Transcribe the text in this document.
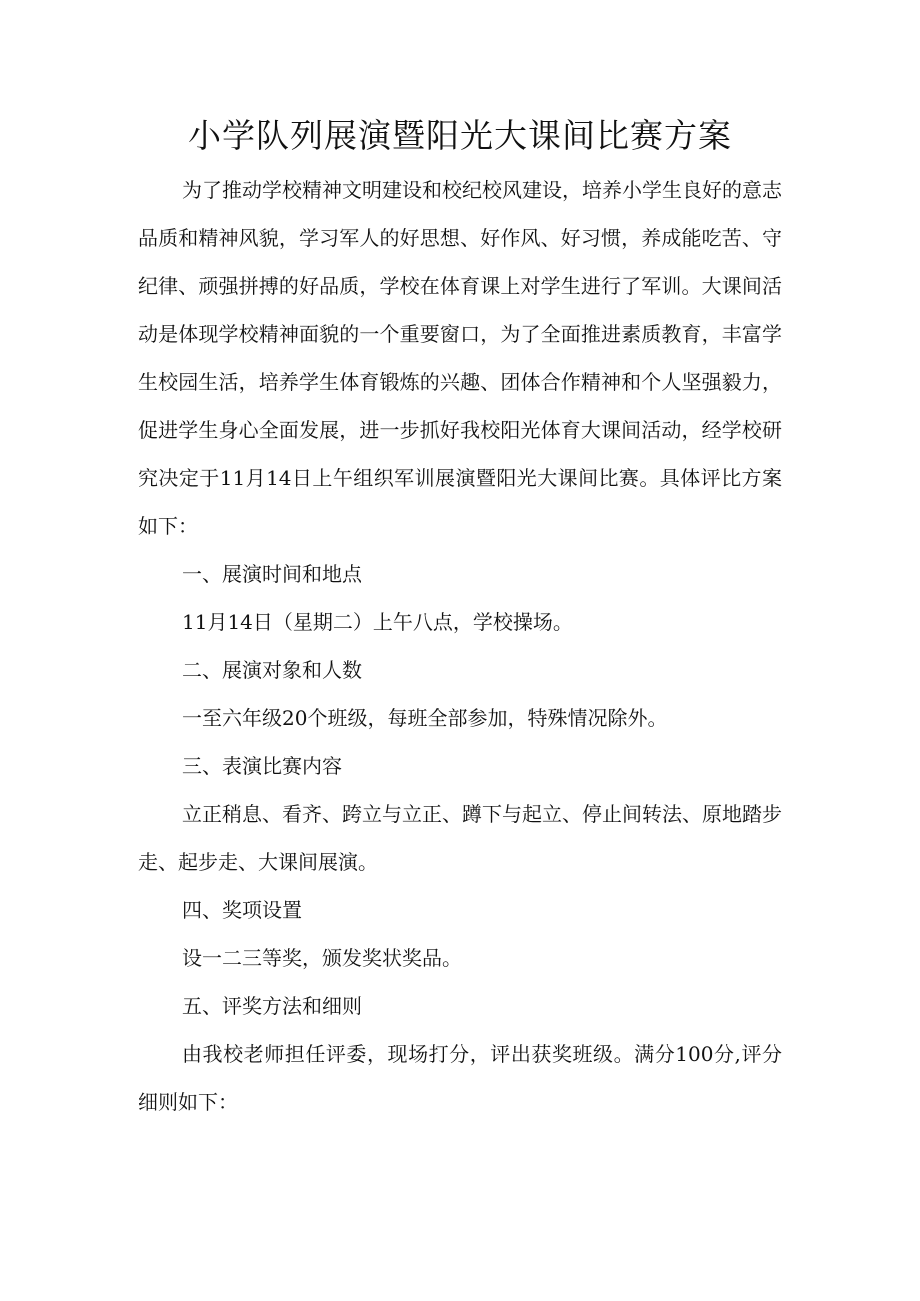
小学队列展演暨阳光大课间比赛方案

为了推动学校精神文明建设和校纪校风建设，培养小学生良好的意志品质和精神风貌，学习军人的好思想、好作风、好习惯，养成能吃苦、守纪律、顽强拼搏的好品质，学校在体育课上对学生进行了军训。大课间活动是体现学校精神面貌的一个重要窗口，为了全面推进素质教育，丰富学生校园生活，培养学生体育锻炼的兴趣、团体合作精神和个人坚强毅力，促进学生身心全面发展，进一步抓好我校阳光体育大课间活动，经学校研究决定于11月14日上午组织军训展演暨阳光大课间比赛。具体评比方案如下：

一、展演时间和地点

11月14日（星期二）上午八点，学校操场。

二、展演对象和人数

一至六年级20个班级，每班全部参加，特殊情况除外。

三、表演比赛内容

立正稍息、看齐、跨立与立正、蹲下与起立、停止间转法、原地踏步走、起步走、大课间展演。

四、奖项设置

设一二三等奖，颁发奖状奖品。

五、评奖方法和细则

由我校老师担任评委，现场打分，评出获奖班级。满分100分,评分细则如下：
